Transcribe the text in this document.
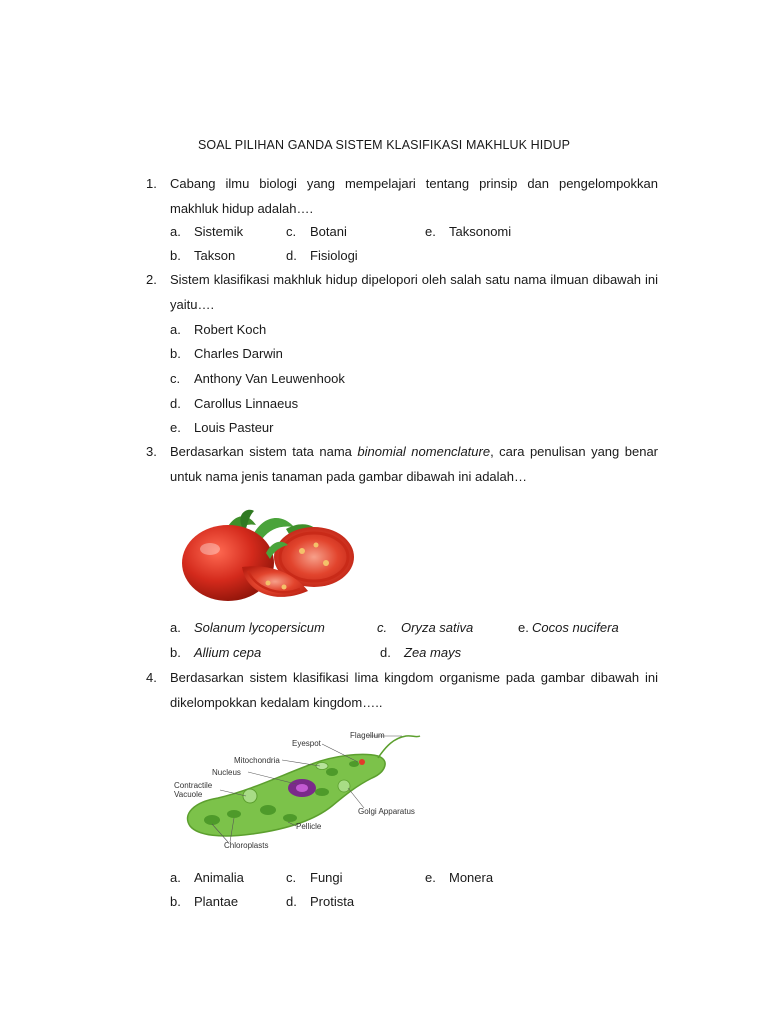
SOAL PILIHAN GANDA SISTEM KLASIFIKASI MAKHLUK HIDUP
1.	Cabang ilmu biologi yang mempelajari tentang prinsip dan pengelompokkan makhluk hidup adalah….
a. Sistemik	c. Botani	e. Taksonomi
b. Takson	d. Fisiologi
2.	Sistem klasifikasi makhluk hidup dipelopori oleh salah satu nama ilmuan dibawah ini yaitu….
a. Robert Koch
b. Charles Darwin
c. Anthony Van Leuwenhook
d. Carollus Linnaeus
e. Louis Pasteur
3.	Berdasarkan sistem tata nama binomial nomenclature, cara penulisan yang benar untuk nama jenis tanaman pada gambar dibawah ini adalah…
a. Solanum lycopersicum	c. Oryza sativa	e. Cocos nucifera
b. Allium cepa	d. Zea mays
4.	Berdasarkan sistem klasifikasi lima kingdom organisme pada gambar dibawah ini dikelompokkan kedalam kingdom…..
Flagellum
Eyespot
Mitochondria
Nucleus
Contractile
Vacuole
Golgi Apparatus
Pellicle
Chloroplasts
a. Animalia	c. Fungi	e. Monera
b. Plantae	d. Protista
